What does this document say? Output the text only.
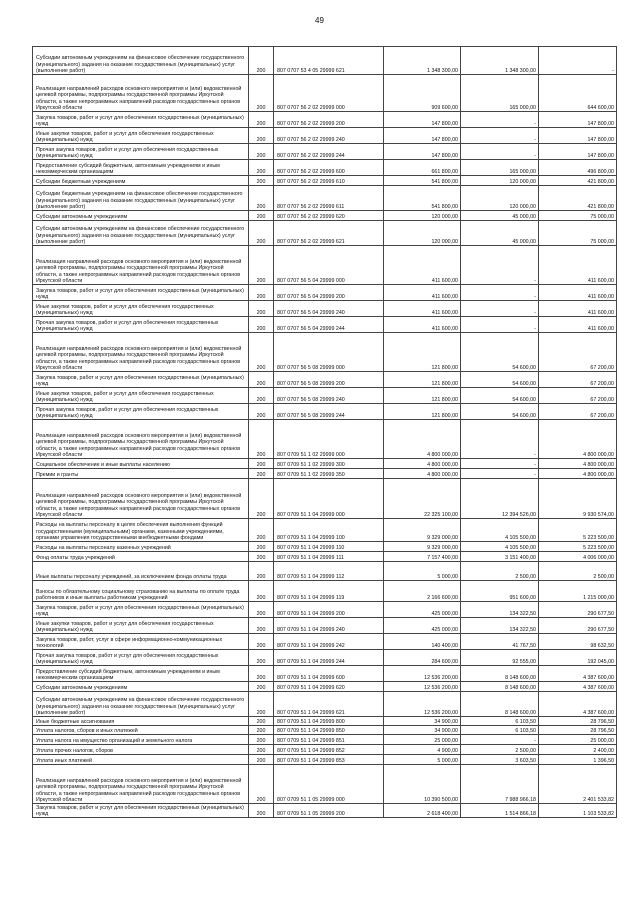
49
Субсидии автономным учреждениям на финансовое обеспечение государственного (муниципального) задания на оказание государственных (муниципальных) услуг (выполнение работ)	200	807 0707 53 4 05 29999 621	1 348 300,00	1 348 300,00	-
Реализация направлений расходов основного мероприятия и (или) ведомственной целевой программы, подпрограммы государственной программы Иркутской области, а также непрограммных направлений расходов государственных органов Иркутской области	200	807 0707 56 2 02 29999 000	909 600,00	165 000,00	644 600,00
Закупка товаров, работ и услуг для обеспечения государственных (муниципальных) нужд	200	807 0707 56 2 02 29999 200	147 800,00	-	147 800,00
Иные закупки товаров, работ и услуг для обеспечения государственных (муниципальных) нужд	200	807 0707 56 2 02 29999 240	147 800,00	-	147 800,00
Прочая закупка товаров, работ и услуг для обеспечения государственных (муниципальных) нужд	200	807 0707 56 2 02 29999 244	147 800,00	-	147 800,00
Предоставление субсидий бюджетным, автономным учреждениям и иным некоммерческим организациям	200	807 0707 56 2 02 29999 600	661 800,00	165 000,00	496 800,00
Субсидии бюджетным учреждениям	200	807 0707 56 2 02 29999 610	541 800,00	120 000,00	421 800,00
Субсидии бюджетным учреждениям на финансовое обеспечение государственного (муниципального) задания на оказание государственных (муниципальных) услуг (выполнение работ)	200	807 0707 56 2 02 29999 611	541 800,00	120 000,00	421 800,00
Субсидии автономным учреждениям	200	807 0707 56 2 02 29999 620	120 000,00	45 000,00	75 000,00
Субсидии автономным учреждениям на финансовое обеспечение государственного (муниципального) задания на оказание государственных (муниципальных) услуг (выполнение работ)	200	807 0707 56 2 02 29999 621	120 000,00	45 000,00	75 000,00
Реализация направлений расходов основного мероприятия и (или) ведомственной целевой программы, подпрограммы государственной программы Иркутской области, а также непрограммных направлений расходов государственных органов Иркутской области	200	807 0707 56 5 04 29999 000	411 600,00	-	411 600,00
Закупка товаров, работ и услуг для обеспечения государственных (муниципальных) нужд	200	807 0707 56 5 04 29999 200	411 600,00	-	411 600,00
Иные закупки товаров, работ и услуг для обеспечения государственных (муниципальных) нужд	200	807 0707 56 5 04 29999 240	411 600,00	-	411 600,00
Прочая закупка товаров, работ и услуг для обеспечения государственных (муниципальных) нужд	200	807 0707 56 5 04 29999 244	411 600,00	-	411 600,00
Реализация направлений расходов основного мероприятия и (или) ведомственной целевой программы, подпрограммы государственной программы Иркутской области, а также непрограммных направлений расходов государственных органов Иркутской области	200	807 0707 56 5 08 29999 000	121 800,00	54 600,00	67 200,00
Закупка товаров, работ и услуг для обеспечения государственных (муниципальных) нужд	200	807 0707 56 5 08 29999 200	121 800,00	54 600,00	67 200,00
Иные закупки товаров, работ и услуг для обеспечения государственных (муниципальных) нужд	200	807 0707 56 5 08 29999 240	121 800,00	54 600,00	67 200,00
Прочая закупка товаров, работ и услуг для обеспечения государственных (муниципальных) нужд	200	807 0707 56 5 08 29999 244	121 800,00	54 600,00	67 200,00
Реализация направлений расходов основного мероприятия и (или) ведомственной целевой программы, подпрограммы государственной программы Иркутской области, а также непрограммных направлений расходов государственных органов Иркутской области	200	807 0709 51 1 02 29999 000	4 800 000,00	-	4 800 000,00
Социальное обеспечение и иные выплаты населению	200	807 0709 51 1 02 29999 300	4 800 000,00	-	4 800 000,00
Премии и гранты	200	807 0709 51 1 02 29999 350	4 800 000,00	-	4 800 000,00
Реализация направлений расходов основного мероприятия и (или) ведомственной целевой программы, подпрограммы государственной программы Иркутской области, а также непрограммных направлений расходов государственных органов Иркутской области	200	807 0709 51 1 04 29999 000	22 325 100,00	12 394 526,00	9 930 574,00
Расходы на выплаты персоналу в целях обеспечения выполнения функций государственными (муниципальными) органами, казенными учреждениями, органами управления государственными внебюджетными фондами	200	807 0709 51 1 04 29999 100	9 329 000,00	4 105 500,00	5 223 500,00
Расходы на выплаты персоналу казенных учреждений	200	807 0709 51 1 04 29999 110	9 329 000,00	4 105 500,00	5 223 500,00
Фонд оплаты труда учреждений	200	807 0709 51 1 04 29999 111	7 157 400,00	3 151 400,00	4 006 000,00
Иные выплаты персоналу учреждений, за исключением фонда оплаты труда	200	807 0709 51 1 04 29999 112	5 000,00	2 500,00	2 500,00
Взносы по обязательному социальному страхованию на выплаты по оплате труда работников и иные выплаты работникам учреждений	200	807 0709 51 1 04 29999 119	2 166 600,00	951 600,00	1 215 000,00
Закупка товаров, работ и услуг для обеспечения государственных (муниципальных) нужд	200	807 0709 51 1 04 29999 200	425 000,00	134 322,50	290 677,50
Иные закупки товаров, работ и услуг для обеспечения государственных (муниципальных) нужд	200	807 0709 51 1 04 29999 240	425 000,00	134 322,50	290 677,50
Закупка товаров, работ, услуг в сфере информационно-коммуникационных технологий	200	807 0709 51 1 04 29999 242	140 400,00	41 767,50	98 632,50
Прочая закупка товаров, работ и услуг для обеспечения государственных (муниципальных) нужд	200	807 0709 51 1 04 29999 244	284 600,00	92 555,00	192 045,00
Предоставление субсидий бюджетным, автономным учреждениям и иным некоммерческим организациям	200	807 0709 51 1 04 29999 600	12 536 200,00	8 148 600,00	4 387 600,00
Субсидии автономным учреждениям	200	807 0709 51 1 04 29999 620	12 536 200,00	8 148 600,00	4 387 600,00
Субсидии автономным учреждениям на финансовое обеспечение государственного (муниципального) задания на оказание государственных (муниципальных) услуг (выполнение работ)	200	807 0709 51 1 04 29999 621	12 536 200,00	8 148 600,00	4 387 600,00
Иные бюджетные ассигнования	200	807 0709 51 1 04 29999 800	34 900,00	6 103,50	28 796,50
Уплата налогов, сборов и иных платежей	200	807 0709 51 1 04 29999 850	34 900,00	6 103,50	28 796,50
Уплата налога на имущество организаций и земельного налога	200	807 0709 51 1 04 29999 851	25 000,00	-	25 000,00
Уплата прочих налогов, сборов	200	807 0709 51 1 04 29999 852	4 900,00	2 500,00	2 400,00
Уплата иных платежей	200	807 0709 51 1 04 29999 853	5 000,00	3 603,50	1 396,50
Реализация направлений расходов основного мероприятия и (или) ведомственной целевой программы, подпрограммы государственной программы Иркутской области, а также непрограммных направлений расходов государственных органов Иркутской области	200	807 0709 51 1 05 29999 000	10 390 500,00	7 988 966,18	2 401 533,82
Закупка товаров, работ и услуг для обеспечения государственных (муниципальных) нужд	200	807 0709 51 1 05 29999 200	2 618 400,00	1 514 866,18	1 103 533,82
